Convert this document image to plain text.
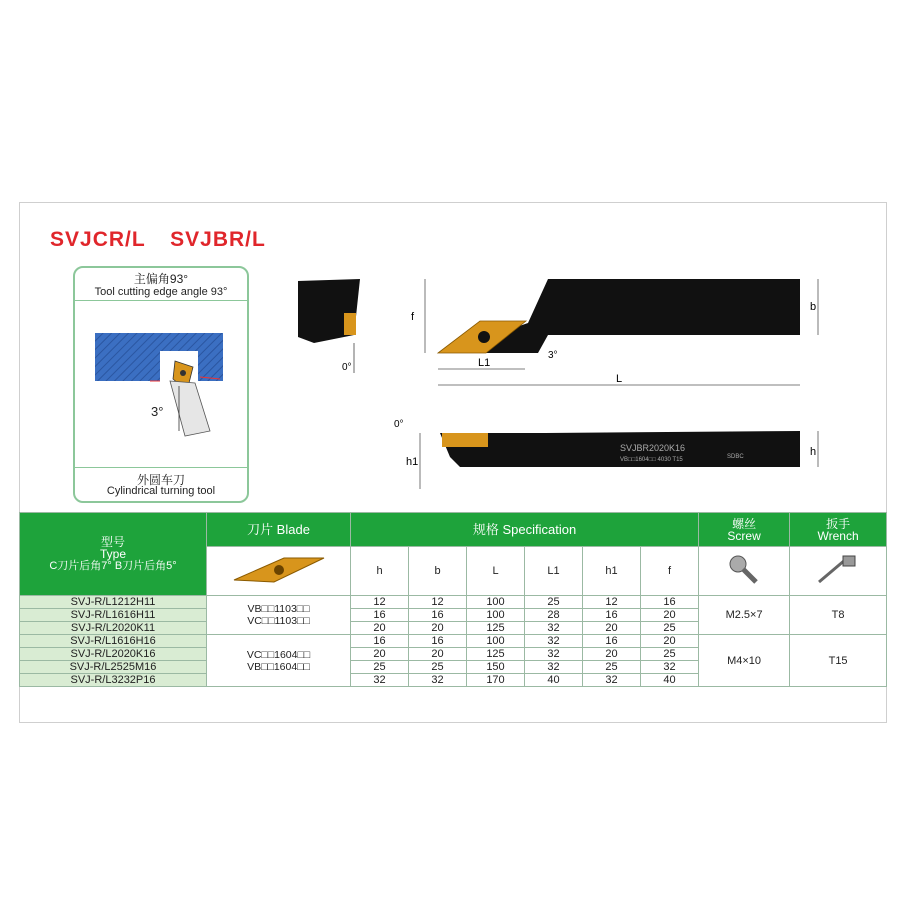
SVJCR/L SVJBR/L
主偏角93°
Tool cutting edge angle 93°
3°
外圆车刀
Cylindrical turning tool
0°
f
b
L1
L
3°
SVJBR2020K16
VB□□1604□□ 4030 T15	SDBC
h1
h
0°
型号
Type
C刀片后角7° B刀片后角5°	刀片 Blade	规格 Specification						螺丝
Screw	扳手
Wrench

	h	b	L	L1	h1	f		
SVJ-R/L1212H11	VB□□1103□□
VC□□1103□□	12	12	100	25	12	16	M2.5×7	T8
SVJ-R/L1616H11		16	16	100	28	16	20		
SVJ-R/L2020K11		20	20	125	32	20	25		
SVJ-R/L1616H16	VC□□1604□□
VB□□1604□□	16	16	100	32	16	20	M4×10	T15
SVJ-R/L2020K16		20	20	125	32	20	25		
SVJ-R/L2525M16		25	25	150	32	25	32		
SVJ-R/L3232P16		32	32	170	40	32	40		
